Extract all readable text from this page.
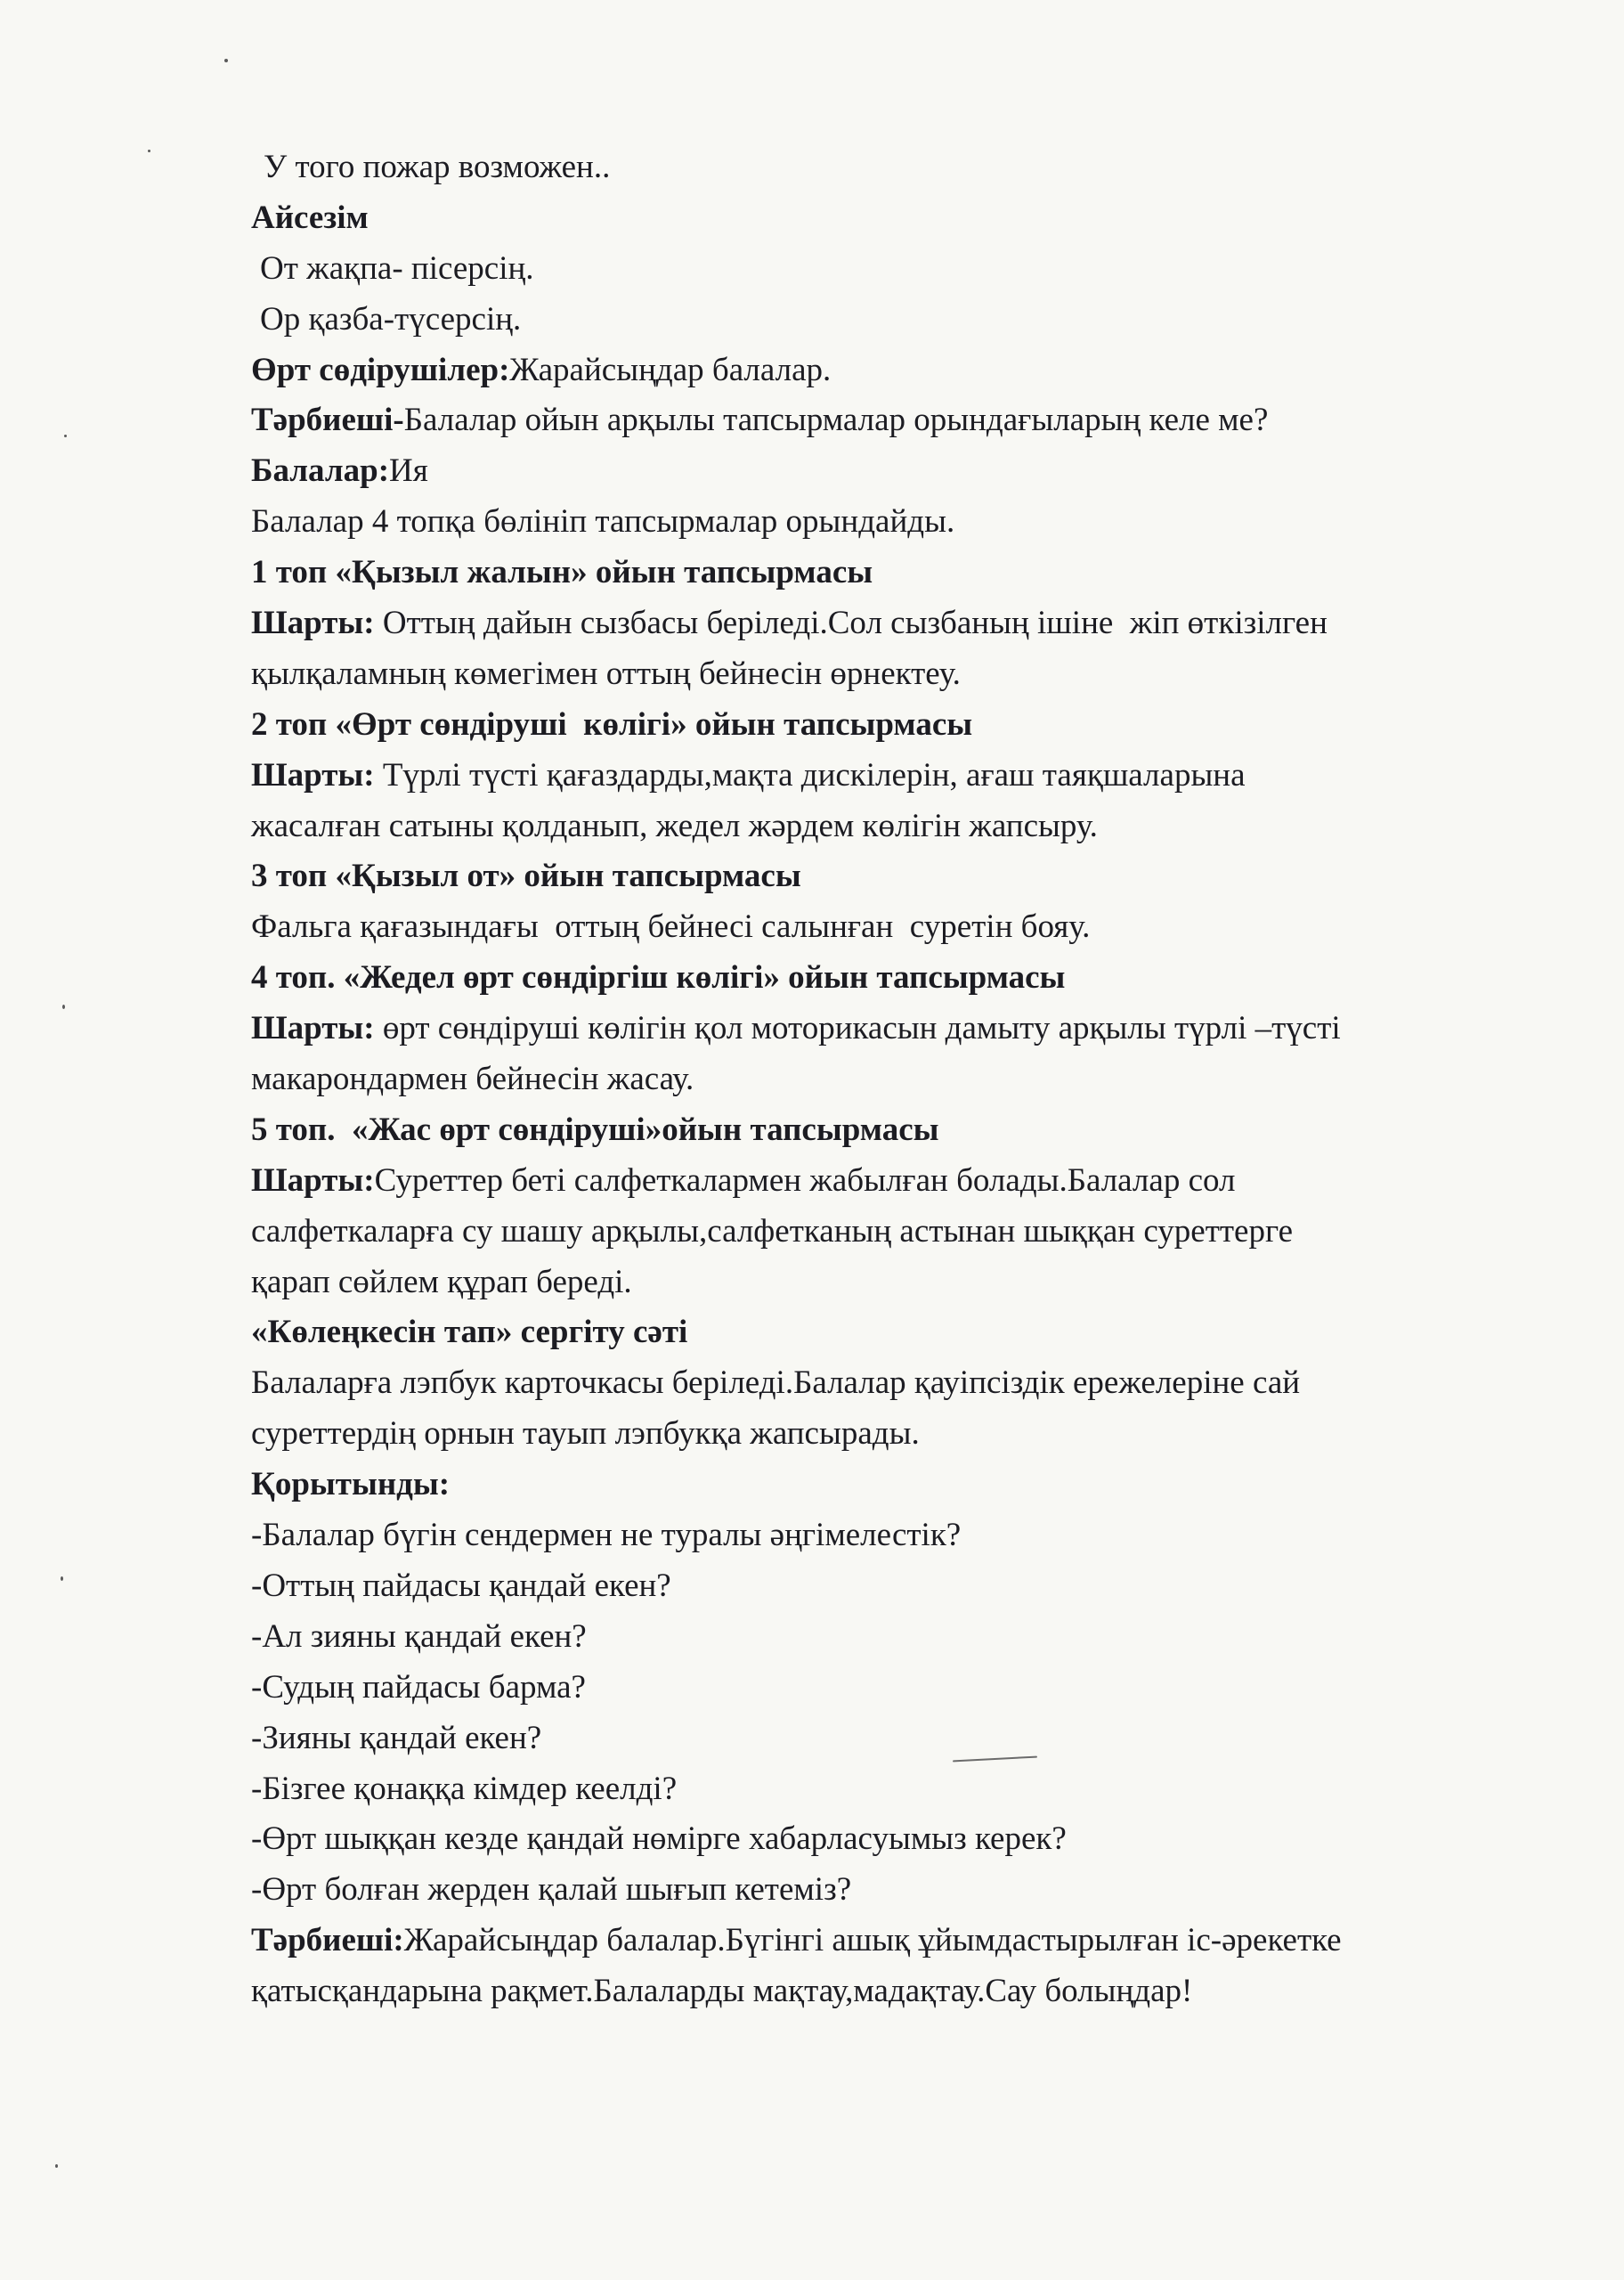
У того пожар возможен..
Айсезім
От жақпа- пісерсің.
Ор қазба-түсерсің.
Өрт сөдірушілер:Жарайсыңдар балалар.
Тәрбиеші-Балалар ойын арқылы тапсырмалар орындағыларың келе ме?
Балалар:Ия
Балалар 4 топқа бөлініп тапсырмалар орындайды.
1 топ «Қызыл жалын» ойын тапсырмасы
Шарты: Оттың дайын сызбасы беріледі.Сол сызбаның ішіне  жіп өткізілген
қылқаламның көмегімен оттың бейнесін өрнектеу.
2 топ «Өрт сөндіруші  көлігі» ойын тапсырмасы
Шарты: Түрлі түсті қағаздарды,мақта дискілерін, ағаш таяқшаларына
жасалған сатыны қолданып, жедел жәрдем көлігін жапсыру.
3 топ «Қызыл от» ойын тапсырмасы
Фальга қағазындағы  оттың бейнесі салынған  суретін бояу.
4 топ. «Жедел өрт сөндіргіш көлігі» ойын тапсырмасы
Шарты: өрт сөндіруші көлігін қол моторикасын дамыту арқылы түрлі –түсті
макарондармен бейнесін жасау.
5 топ.  «Жас өрт сөндіруші»ойын тапсырмасы
Шарты:Суреттер беті салфеткалармен жабылған болады.Балалар сол
салфеткаларға су шашу арқылы,салфетканың астынан шыққан суреттерге
қарап сөйлем құрап береді.
«Көлеңкесін тап» сергіту сәті
Балаларға лэпбук карточкасы беріледі.Балалар қауіпсіздік ережелеріне сай
суреттердің орнын тауып лэпбукқа жапсырады.
Қорытынды:
-Балалар бүгін сендермен не туралы әңгімелестік?
-Оттың пайдасы қандай екен?
-Ал зияны қандай екен?
-Судың пайдасы барма?
-Зияны қандай екен?
-Бізгее қонаққа кімдер кеелді?
-Өрт шыққан кезде қандай нөмірге хабарласуымыз керек?
-Өрт болған жерден қалай шығып кетеміз?
Тәрбиеші:Жарайсыңдар балалар.Бүгінгі ашық ұйымдастырылған іс-әрекетке
қатысқандарына рақмет.Балаларды мақтау,мадақтау.Сау болыңдар!
